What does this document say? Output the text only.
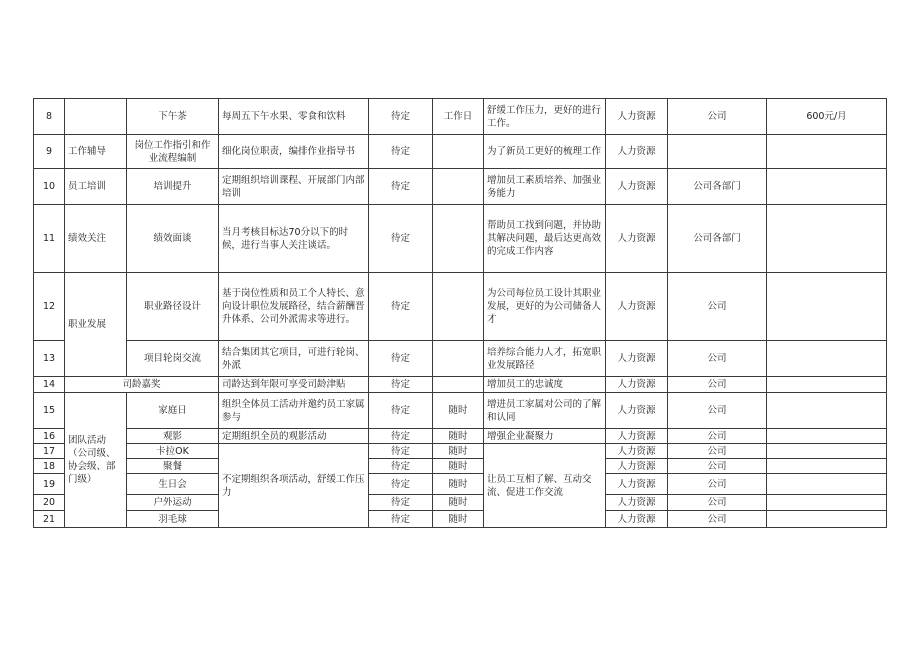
8		下午茶	每周五下午水果、零食和饮料	待定	工作日	舒缓工作压力，更好的进行工作。	人力资源	公司	600元/月
9	工作辅导	岗位工作指引和作业流程编制	细化岗位职责，编排作业指导书	待定		为了新员工更好的梳理工作	人力资源		
10	员工培训	培训提升	定期组织培训课程、开展部门内部培训	待定		增加员工素质培养、加强业务能力	人力资源	公司各部门	
11	绩效关注	绩效面谈	当月考核目标达70分以下的时候，进行当事人关注谈话。	待定		帮助员工找到问题，并协助其解决问题，最后达更高效的完成工作内容	人力资源	公司各部门	
12	职业发展	职业路径设计	基于岗位性质和员工个人特长、意向设计职位发展路径，结合薪酬晋升体系、公司外派需求等进行。	待定		为公司每位员工设计其职业发展，更好的为公司储备人才	人力资源	公司	
13		项目轮岗交流	结合集团其它项目，可进行轮岗、外派	待定		培养综合能力人才，拓宽职业发展路径	人力资源	公司	
14	司龄嘉奖		司龄达到年限可享受司龄津贴	待定		增加员工的忠诚度	人力资源	公司	
15	团队活动（公司级、协会级、部门级）	家庭日	组织全体员工活动并邀约员工家属参与	待定	随时	增进员工家属对公司的了解和认同	人力资源	公司	
16		观影	定期组织全员的观影活动	待定	随时	增强企业凝聚力	人力资源	公司	
17		卡拉OK	不定期组织各项活动，舒缓工作压力	待定	随时	让员工互相了解、互动交流、促进工作交流	人力资源	公司	
18		聚餐		待定	随时		人力资源	公司	
19		生日会		待定	随时		人力资源	公司	
20		户外运动		待定	随时		人力资源	公司	
21		羽毛球		待定	随时		人力资源	公司	
